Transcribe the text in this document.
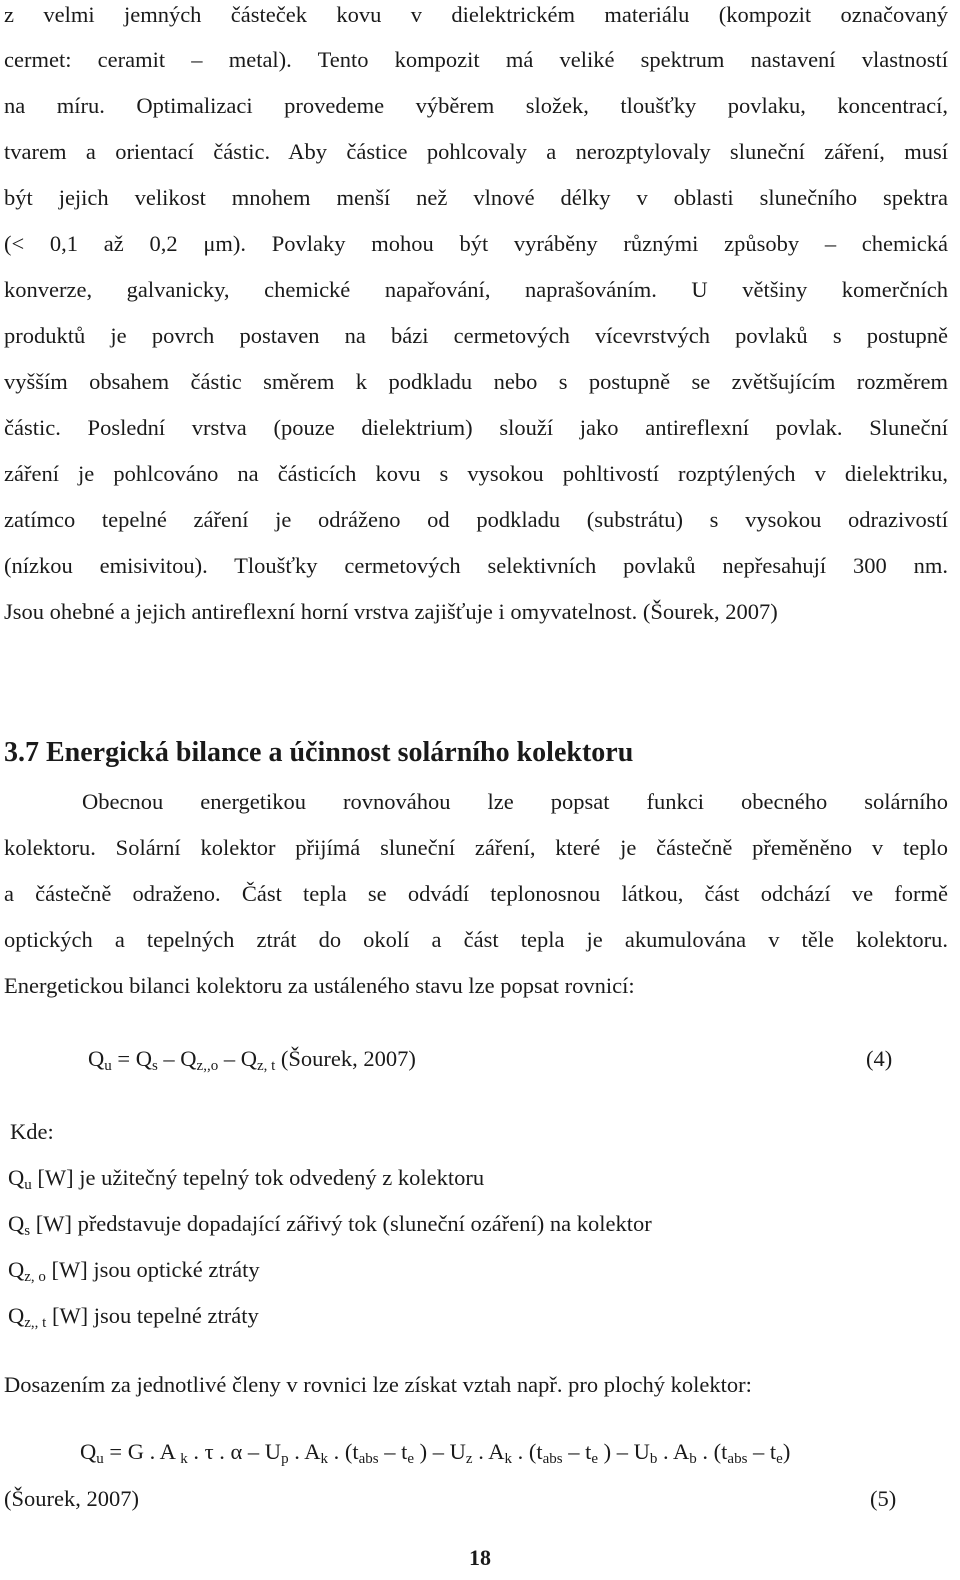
z velmi jemných částeček kovu v dielektrickém materiálu (kompozit označovaný
cermet: ceramit – metal). Tento kompozit má veliké spektrum nastavení vlastností
na míru. Optimalizaci provedeme výběrem složek, tloušťky povlaku, koncentrací,
tvarem a orientací částic. Aby částice pohlcovaly a nerozptylovaly sluneční záření, musí
být jejich velikost mnohem menší než vlnové délky v oblasti slunečního spektra
(< 0,1 až 0,2 μm). Povlaky mohou být vyráběny různými způsoby – chemická
konverze, galvanicky, chemické napařování, naprašováním. U většiny komerčních
produktů je povrch postaven na bázi cermetových vícevrstvých povlaků s postupně
vyšším obsahem částic směrem k podkladu nebo s postupně se zvětšujícím rozměrem
částic. Poslední vrstva (pouze dielektrium) slouží jako antireflexní povlak. Sluneční
záření je pohlcováno na částicích kovu s vysokou pohltivostí rozptýlených v dielektriku,
zatímco tepelné záření je odráženo od podkladu (substrátu) s vysokou odrazivostí
(nízkou emisivitou). Tloušťky cermetových selektivních povlaků nepřesahují 300 nm.
Jsou ohebné a jejich antireflexní horní vrstva zajišťuje i omyvatelnost. (Šourek, 2007)
3.7 Energická bilance a účinnost solárního kolektoru
Obecnou energetikou rovnováhou lze popsat funkci obecného solárního
kolektoru. Solární kolektor přijímá sluneční záření, které je částečně přeměněno v teplo
a částečně odraženo. Část tepla se odvádí teplonosnou látkou, část odchází ve formě
optických a tepelných ztrát do okolí a část tepla je akumulována v těle kolektoru.
Energetickou bilanci kolektoru za ustáleného stavu lze popsat rovnicí:
$Q_u = Q_s - Q_{z,,o} - Q_{z, t}$ (Šourek, 2007)	(4)
Kde:
$Q_u$ [W] je užitečný tepelný tok odvedený z kolektoru
$Q_s$ [W] představuje dopadající zářivý tok (sluneční ozáření) na kolektor
$Q_{z, o}$ [W] jsou optické ztráty
$Q_{z,, t}$ [W] jsou tepelné ztráty
Dosazením za jednotlivé členy v rovnici lze získat vztah např. pro plochý kolektor:
$Q_u = G$ . A $_k$ . τ . α – $U_p$ . $A_k$ . ($t_{abs} - t_e$ ) – $U_z$ . $A_k$ . ($t_{abs} - t_e$ ) – $U_b$ . $A_b$ . $(t_{abs} - t_e)$
(Šourek, 2007)	(5)
18
